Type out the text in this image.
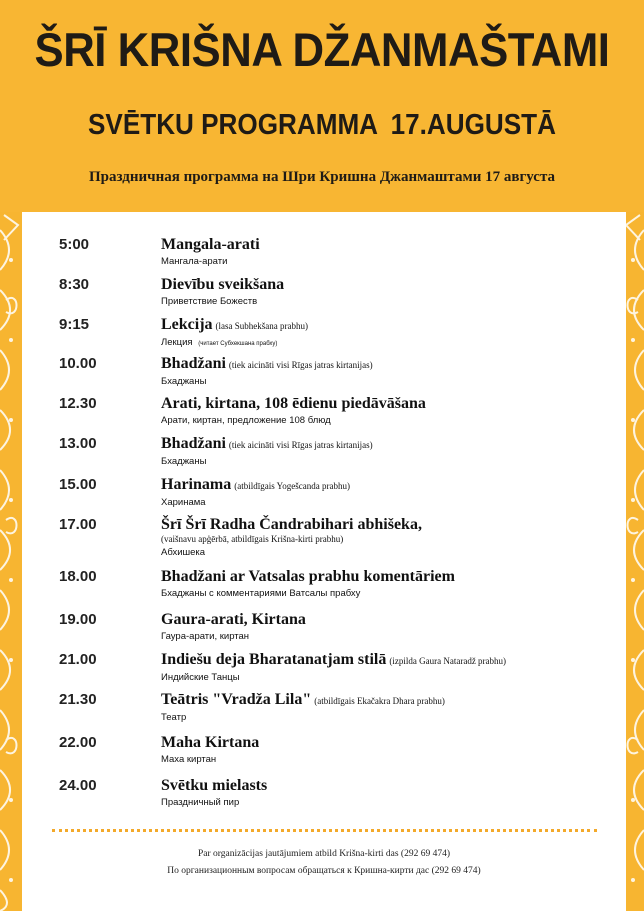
ŠRĪ KRIŠNA DŽANMAŠTAMI
SVĒTKU PROGRAMMA 17.AUGUSTĀ
Праздничная программа на Шри Кришна Джанмаштами 17 августа
5:00	Mangala-arati
Мангала-арати
8:30	Dievību sveikšana
Приветствие Божеств
9:15	Lekcija (lasa Subhekšana prabhu)
Лекция (читает Субхекшана прабху)
10.00	Bhadžani (tiek aicināti visi Rīgas jatras kirtanijas)
Бхаджаны
12.30	Arati, kirtana, 108 ēdienu piedāvāšana
Арати, киртан, предложение 108 блюд
13.00	Bhadžani (tiek aicināti visi Rīgas jatras kirtanijas)
Бхаджаны
15.00	Harinama (atbildīgais Yogešcanda prabhu)
Харинама
17.00	Šrī Šrī Radha Čandrabihari abhišeka,
(vaišnavu apģērbā, atbildīgais Krišna-kirti prabhu)
Абхишека
18.00	Bhadžani ar Vatsalas prabhu komentāriem
Бхаджаны с комментариями Ватсалы прабху
19.00	Gaura-arati, Kirtana
Гаура-арати, киртан
21.00	Indiešu deja Bharatanatjam stilā (izpilda Gaura Nataradž prabhu)
Индийские Танцы
21.30	Teātris "Vradža Lila" (atbildīgais Ekačakra Dhara prabhu)
Театр
22.00	Maha Kirtana
Маха киртан
24.00	Svētku mielasts
Праздничный пир
Par organizācijas jautājumiem atbild Krišna-kirti das (292 69 474)
По организационным вопросам обращаться к Кришна-кирти дас (292 69 474)
